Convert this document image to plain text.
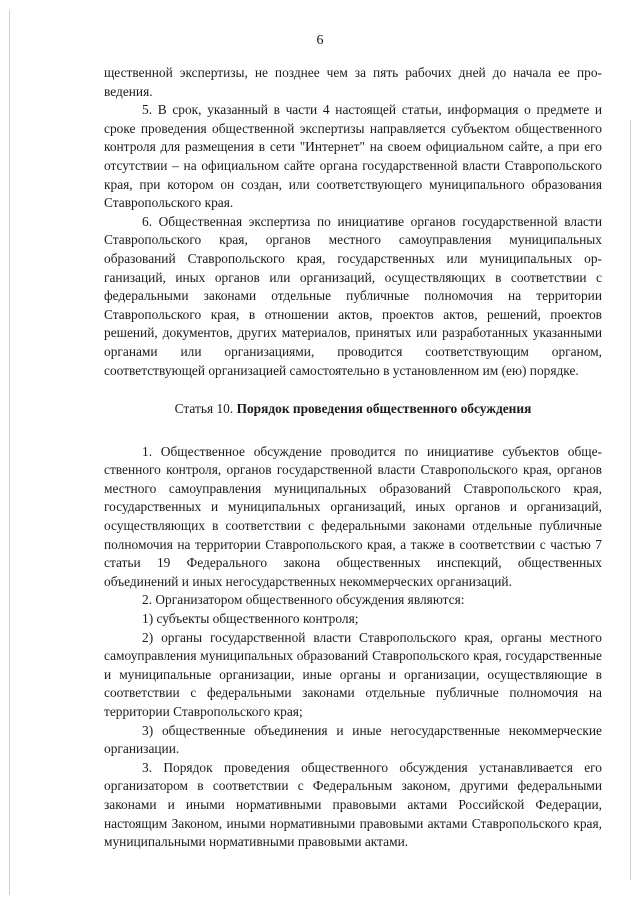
6

щественной экспертизы, не позднее чем за пять рабочих дней до начала ее проведения.

5. В срок, указанный в части 4 настоящей статьи, информация о предмете и сроке проведения общественной экспертизы направляется субъектом общественного контроля для размещения в сети "Интернет" на своем официальном сайте, а при его отсутствии – на официальном сайте органа государственной власти Ставропольского края, при котором он создан, или соответствующего муниципального образования Ставропольского края.

6. Общественная экспертиза по инициативе органов государственной власти Ставропольского края, органов местного самоуправления муниципальных образований Ставропольского края, государственных или муниципальных организаций, иных органов или организаций, осуществляющих в соответствии с федеральными законами отдельные публичные полномочия на территории Ставропольского края, в отношении актов, проектов актов, решений, проектов решений, документов, других материалов, принятых или разработанных указанными органами или организациями, проводится соответствующим органом, соответствующей организацией самостоятельно в установленном им (ею) порядке.

Статья 10. Порядок проведения общественного обсуждения

1. Общественное обсуждение проводится по инициативе субъектов общественного контроля, органов государственной власти Ставропольского края, органов местного самоуправления муниципальных образований Ставропольского края, государственных и муниципальных организаций, иных органов и организаций, осуществляющих в соответствии с федеральными законами отдельные публичные полномочия на территории Ставропольского края, а также в соответствии с частью 7 статьи 19 Федерального закона общественных инспекций, общественных объединений и иных негосударственных некоммерческих организаций.

2. Организатором общественного обсуждения являются:

1) субъекты общественного контроля;

2) органы государственной власти Ставропольского края, органы местного самоуправления муниципальных образований Ставропольского края, государственные и муниципальные организации, иные органы и организации, осуществляющие в соответствии с федеральными законами отдельные публичные полномочия на территории Ставропольского края;

3) общественные объединения и иные негосударственные некоммерческие организации.

3. Порядок проведения общественного обсуждения устанавливается его организатором в соответствии с Федеральным законом, другими федеральными законами и иными нормативными правовыми актами Российской Федерации, настоящим Законом, иными нормативными правовыми актами Ставропольского края, муниципальными нормативными правовыми актами.
